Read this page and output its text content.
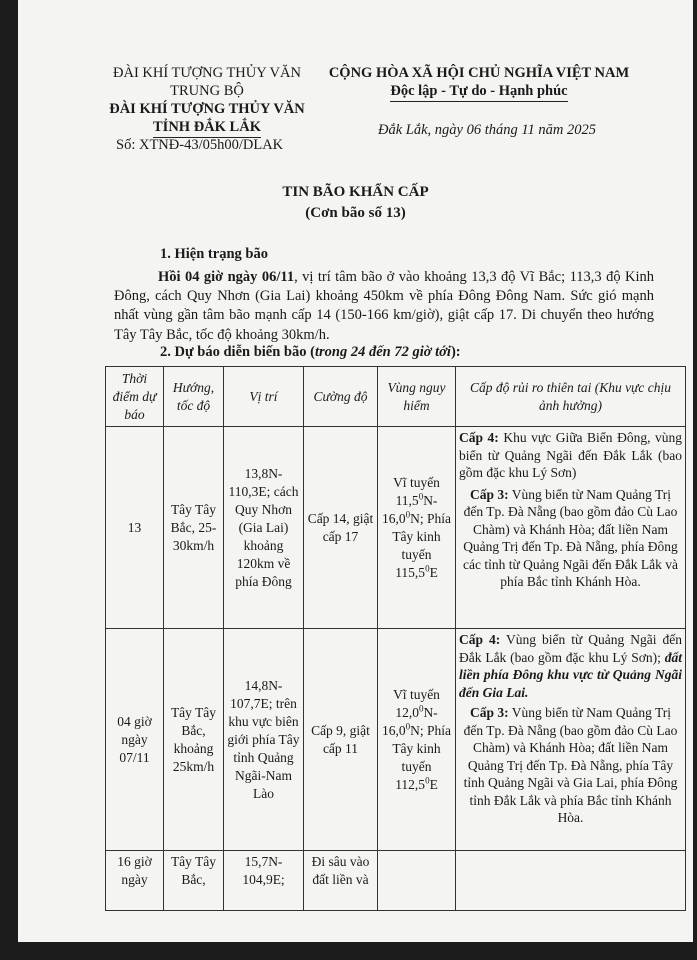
ĐÀI KHÍ TƯỢNG THỦY VĂN
TRUNG BỘ
ĐÀI KHÍ TƯỢNG THỦY VĂN
TỈNH ĐẮK LẮK
Số: XTNĐ-43/05h00/DLAK
CỘNG HÒA XÃ HỘI CHỦ NGHĨA VIỆT NAM
Độc lập - Tự do - Hạnh phúc
Đắk Lắk, ngày 06 tháng 11 năm 2025
TIN BÃO KHẨN CẤP
(Cơn bão số 13)
1. Hiện trạng bão
Hồi 04 giờ ngày 06/11, vị trí tâm bão ở vào khoảng 13,3 độ Vĩ Bắc; 113,3 độ Kinh Đông, cách Quy Nhơn (Gia Lai) khoảng 450km về phía Đông Đông Nam. Sức gió mạnh nhất vùng gần tâm bão mạnh cấp 14 (150-166 km/giờ), giật cấp 17. Di chuyển theo hướng Tây Tây Bắc, tốc độ khoảng 30km/h.
2. Dự báo diễn biến bão (trong 24 đến 72 giờ tới):
Thời điểm dự báo	Hướng, tốc độ	Vị trí	Cường độ	Vùng nguy hiểm	Cấp độ rủi ro thiên tai (Khu vực chịu ảnh hưởng)
13	Tây Tây Bắc, 25-30km/h	13,8N-110,3E; cách Quy Nhơn (Gia Lai) khoảng 120km về phía Đông	Cấp 14, giật cấp 17	Vĩ tuyến 11,5$^0$N-16,0$^0$N; Phía Tây kinh tuyến 115,5$^0$E	Cấp 4: Khu vực Giữa Biển Đông, vùng biển từ Quảng Ngãi đến Đắk Lắk (bao gồm đặc khu Lý Sơn)
Cấp 3: Vùng biển từ Nam Quảng Trị đến Tp. Đà Nẵng (bao gồm đảo Cù Lao Chàm) và Khánh Hòa; đất liền Nam Quảng Trị đến Tp. Đà Nẵng, phía Đông các tỉnh từ Quảng Ngãi đến Đắk Lắk và phía Bắc tỉnh Khánh Hòa.

04 giờ ngày 07/11	Tây Tây Bắc, khoảng 25km/h	14,8N-107,7E; trên khu vực biên giới phía Tây tỉnh Quảng Ngãi-Nam Lào	Cấp 9, giật cấp 11	Vĩ tuyến 12,0$^0$N-16,0$^0$N; Phía Tây kinh tuyến 112,5$^0$E	Cấp 4: Vùng biển từ Quảng Ngãi đến Đắk Lắk (bao gồm đặc khu Lý Sơn); đất liền phía Đông khu vực từ Quảng Ngãi đến Gia Lai.
Cấp 3: Vùng biển từ Nam Quảng Trị đến Tp. Đà Nẵng (bao gồm đảo Cù Lao Chàm) và Khánh Hòa; đất liền Nam Quảng Trị đến Tp. Đà Nẵng, phía Tây tỉnh Quảng Ngãi và Gia Lai, phía Đông tỉnh Đắk Lắk và phía Bắc tỉnh Khánh Hòa.

16 giờ ngày	Tây Tây Bắc,	15,7N-104,9E;	Đi sâu vào đất liền và		
